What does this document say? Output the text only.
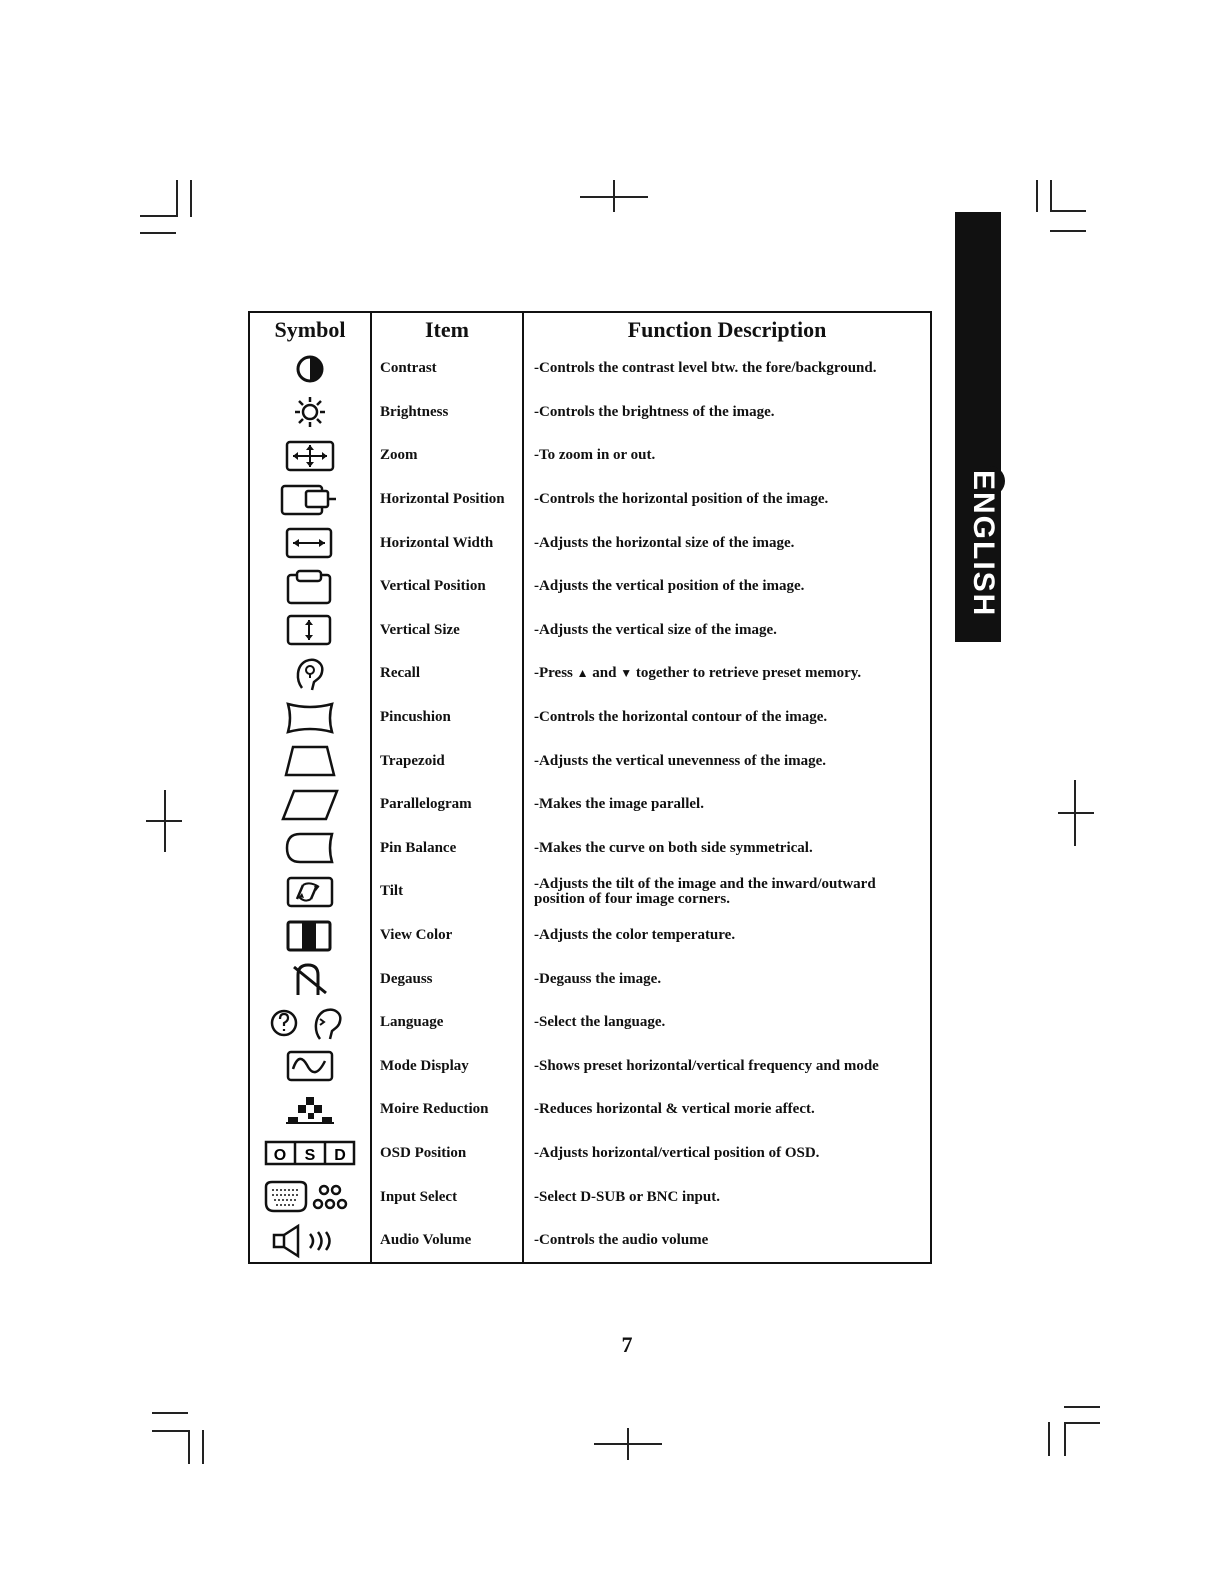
ENGLISH
Symbol	Item	Function Description

	Contrast	-Controls the contrast level btw. the fore/background.

	Brightness	-Controls the brightness of the image.

	Zoom	-To zoom in or out.

	Horizontal Position	-Controls the horizontal position of the image.

	Horizontal Width	-Adjusts the horizontal size of the image.

	Vertical Position	-Adjusts the vertical position of the image.

	Vertical Size	-Adjusts the vertical size of the image.

	Recall	-Press ▲ and ▼ together to retrieve preset memory.

	Pincushion	-Controls the horizontal contour of the image.

	Trapezoid	-Adjusts the vertical unevenness of the image.

	Parallelogram	-Makes the image parallel.

	Pin Balance	-Makes the curve on both side symmetrical.

	Tilt	-Adjusts the tilt of the image and the inward/outward position of four image corners.

	View Color	-Adjusts the color temperature.

	Degauss	-Degauss the image.

	Language	-Select the language.

	Mode Display	-Shows preset horizontal/vertical frequency and mode

	Moire Reduction	-Reduces horizontal & vertical morie affect.

O S D	OSD Position	-Adjusts horizontal/vertical position of OSD.

	Input Select	-Select D-SUB or BNC input.

	Audio Volume	-Controls the audio volume
7
